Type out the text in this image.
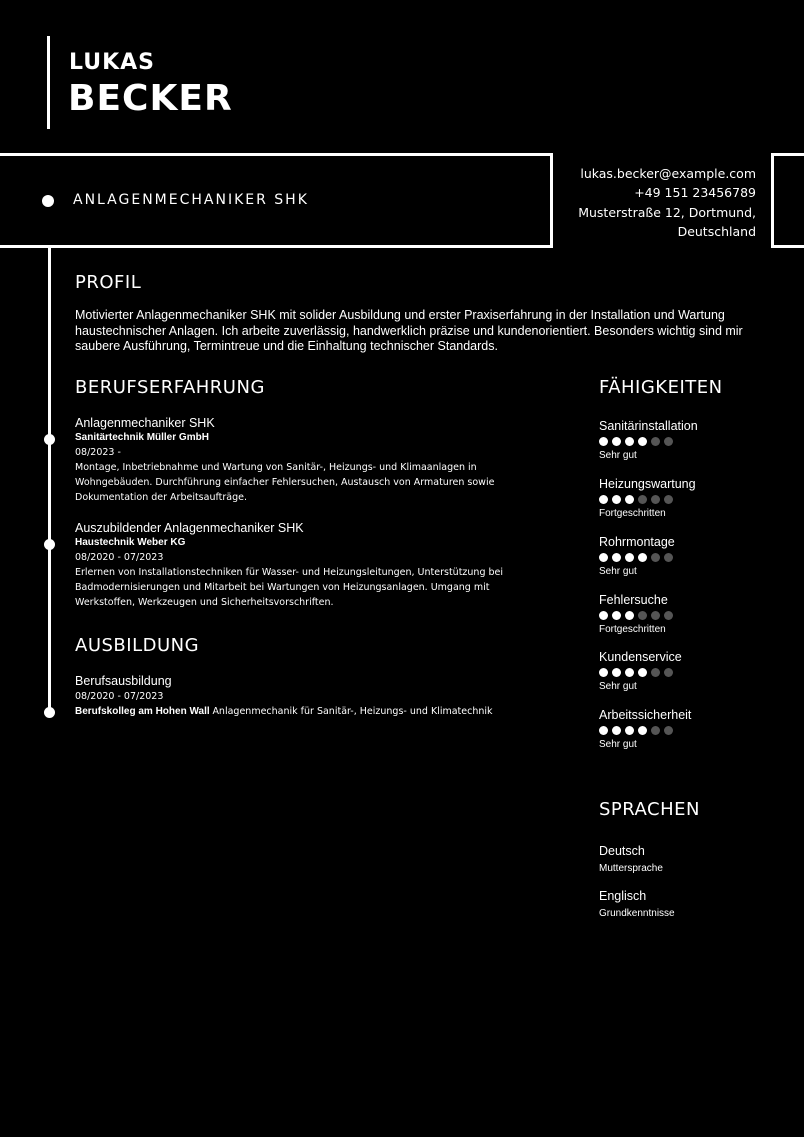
LUKAS
BECKER
ANLAGENMECHANIKER SHK
lukas.becker@example.com
+49 151 23456789
Musterstraße 12, Dortmund,
Deutschland
PROFIL
Motivierter Anlagenmechaniker SHK mit solider Ausbildung und erster Praxiserfahrung in der Installation und Wartung haustechnischer Anlagen. Ich arbeite zuverlässig, handwerklich präzise und kundenorientiert. Besonders wichtig sind mir saubere Ausführung, Termintreue und die Einhaltung technischer Standards.
BERUFSERFAHRUNG
Anlagenmechaniker SHK
Sanitärtechnik Müller GmbH
08/2023 -
Montage, Inbetriebnahme und Wartung von Sanitär-, Heizungs- und Klimaanlagen in Wohngebäuden. Durchführung einfacher Fehlersuchen, Austausch von Armaturen sowie Dokumentation der Arbeitsaufträge.
Auszubildender Anlagenmechaniker SHK
Haustechnik Weber KG
08/2020 - 07/2023
Erlernen von Installationstechniken für Wasser- und Heizungsleitungen, Unterstützung bei Badmodernisierungen und Mitarbeit bei Wartungen von Heizungsanlagen. Umgang mit Werkstoffen, Werkzeugen und Sicherheitsvorschriften.
AUSBILDUNG
Berufsausbildung
08/2020 - 07/2023
Berufskolleg am Hohen Wall Anlagenmechanik für Sanitär-, Heizungs- und Klimatechnik
FÄHIGKEITEN
Sanitärinstallation
Sehr gut
Heizungswartung
Fortgeschritten
Rohrmontage
Sehr gut
Fehlersuche
Fortgeschritten
Kundenservice
Sehr gut
Arbeitssicherheit
Sehr gut
SPRACHEN
Deutsch
Muttersprache
Englisch
Grundkenntnisse
